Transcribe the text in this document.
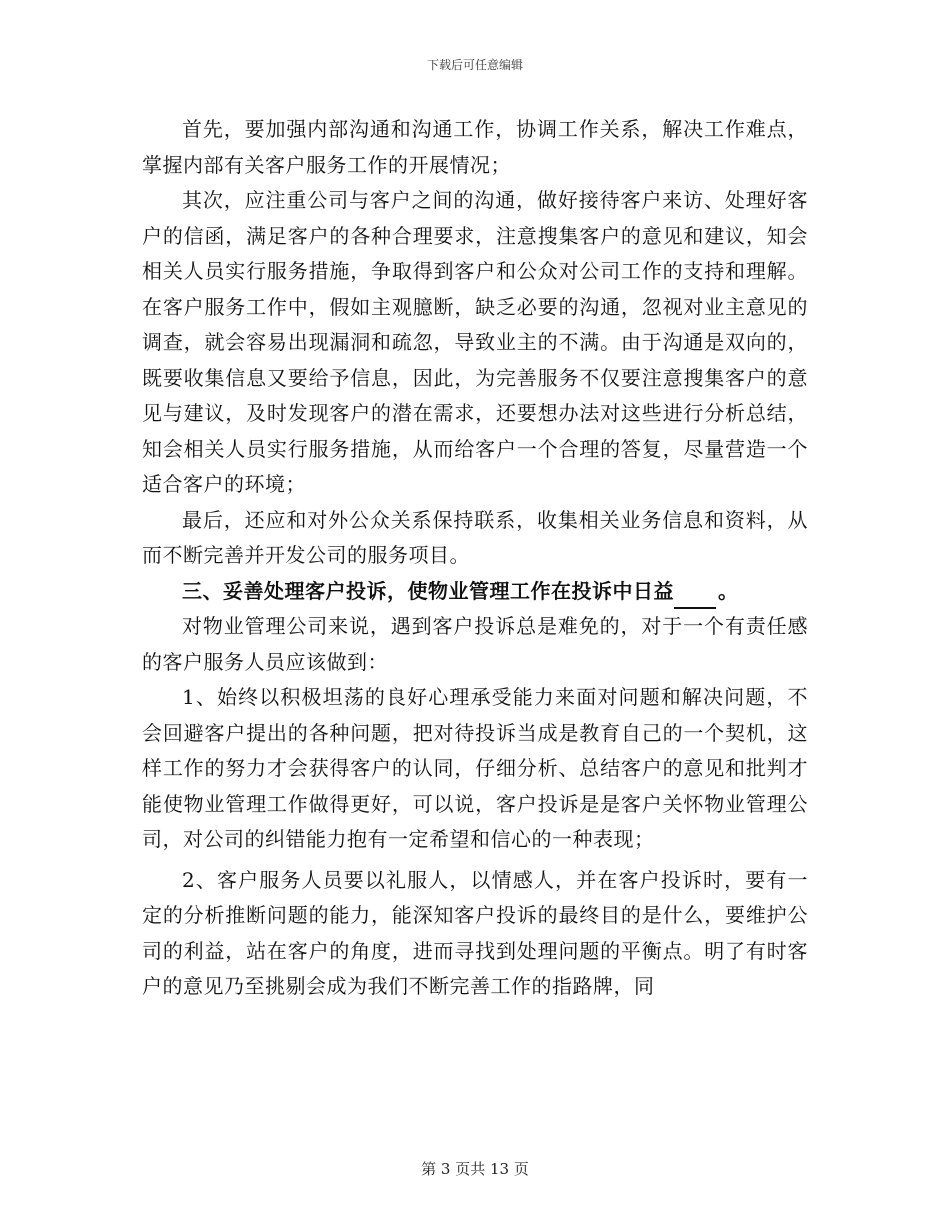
下载后可任意编辑

首先，要加强内部沟通和沟通工作，协调工作关系，解决工作难点，掌握内部有关客户服务工作的开展情况；

其次，应注重公司与客户之间的沟通，做好接待客户来访、处理好客户的信函，满足客户的各种合理要求，注意搜集客户的意见和建议，知会相关人员实行服务措施，争取得到客户和公众对公司工作的支持和理解。在客户服务工作中，假如主观臆断，缺乏必要的沟通，忽视对业主意见的调查，就会容易出现漏洞和疏忽，导致业主的不满。由于沟通是双向的，既要收集信息又要给予信息，因此，为完善服务不仅要注意搜集客户的意见与建议，及时发现客户的潜在需求，还要想办法对这些进行分析总结，知会相关人员实行服务措施，从而给客户一个合理的答复，尽量营造一个适合客户的环境；

最后，还应和对外公众关系保持联系，收集相关业务信息和资料，从而不断完善并开发公司的服务项目。

三、妥善处理客户投诉，使物业管理工作在投诉中日益 。

对物业管理公司来说，遇到客户投诉总是难免的，对于一个有责任感的客户服务人员应该做到：

1、始终以积极坦荡的良好心理承受能力来面对问题和解决问题，不会回避客户提出的各种问题，把对待投诉当成是教育自己的一个契机，这样工作的努力才会获得客户的认同，仔细分析、总结客户的意见和批判才能使物业管理工作做得更好，可以说，客户投诉是是客户关怀物业管理公司，对公司的纠错能力抱有一定希望和信心的一种表现；

2、客户服务人员要以礼服人，以情感人，并在客户投诉时，要有一定的分析推断问题的能力，能深知客户投诉的最终目的是什么，要维护公司的利益，站在客户的角度，进而寻找到处理问题的平衡点。明了有时客户的意见乃至挑剔会成为我们不断完善工作的指路牌，同

第 3 页共 13 页
